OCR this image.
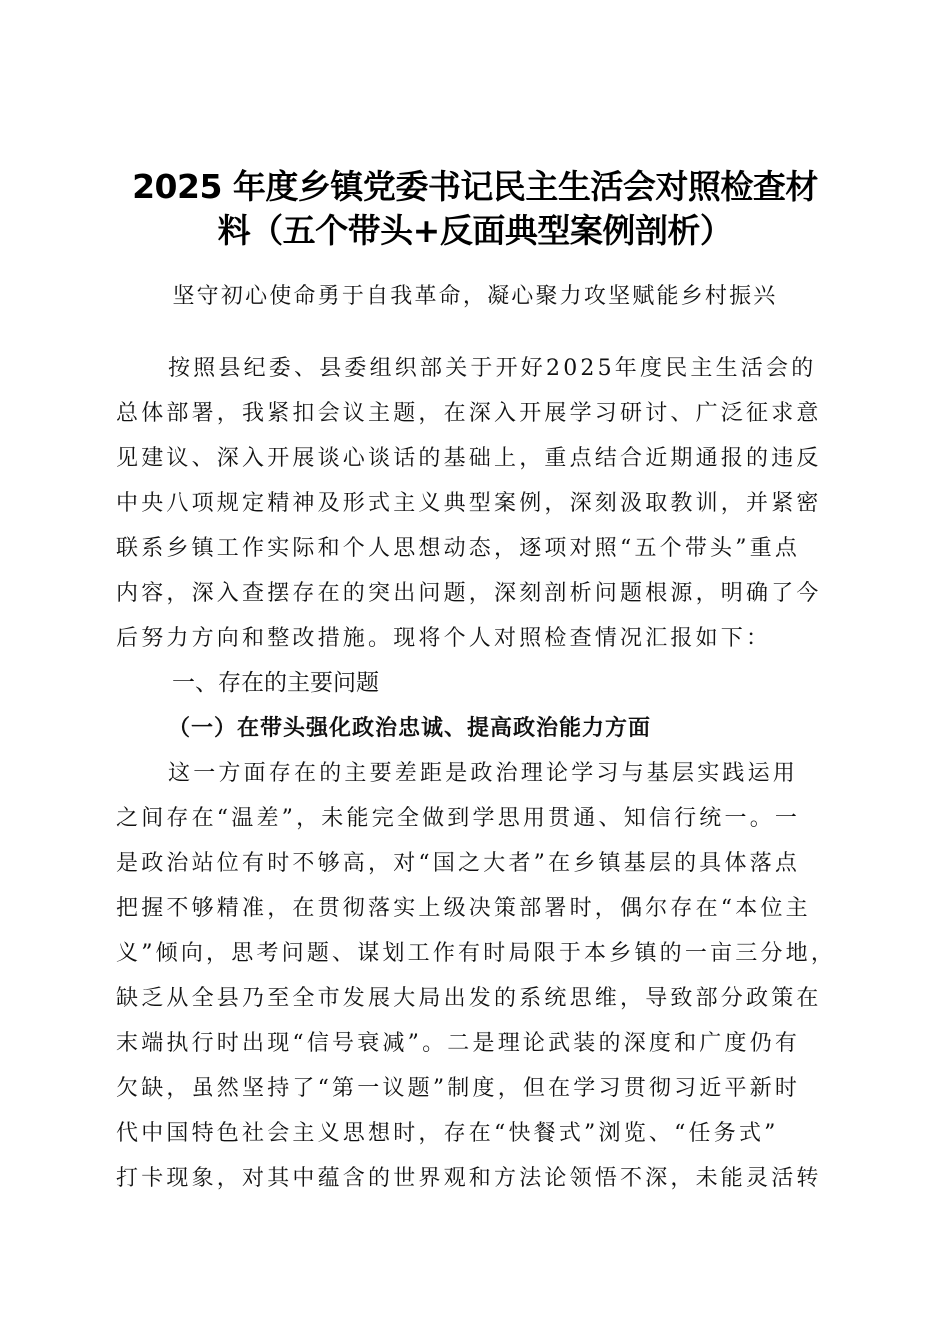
2025 年度乡镇党委书记民主生活会对照检查材
料（五个带头+反面典型案例剖析）
坚守初心使命勇于自我革命，凝心聚力攻坚赋能乡村振兴
按照县纪委、县委组织部关于开好2025年度民主生活会的
总体部署，我紧扣会议主题，在深入开展学习研讨、广泛征求意
见建议、深入开展谈心谈话的基础上，重点结合近期通报的违反
中央八项规定精神及形式主义典型案例，深刻汲取教训，并紧密
联系乡镇工作实际和个人思想动态，逐项对照“五个带头”重点
内容，深入查摆存在的突出问题，深刻剖析问题根源，明确了今
后努力方向和整改措施。现将个人对照检查情况汇报如下：
一、存在的主要问题
（一）在带头强化政治忠诚、提高政治能力方面
这一方面存在的主要差距是政治理论学习与基层实践运用
之间存在“温差”，未能完全做到学思用贯通、知信行统一。一
是政治站位有时不够高，对“国之大者”在乡镇基层的具体落点
把握不够精准，在贯彻落实上级决策部署时，偶尔存在“本位主
义”倾向，思考问题、谋划工作有时局限于本乡镇的一亩三分地，
缺乏从全县乃至全市发展大局出发的系统思维，导致部分政策在
末端执行时出现“信号衰减”。二是理论武装的深度和广度仍有
欠缺，虽然坚持了“第一议题”制度，但在学习贯彻习近平新时
代中国特色社会主义思想时，存在“快餐式”浏览、“任务式”
打卡现象，对其中蕴含的世界观和方法论领悟不深，未能灵活转
